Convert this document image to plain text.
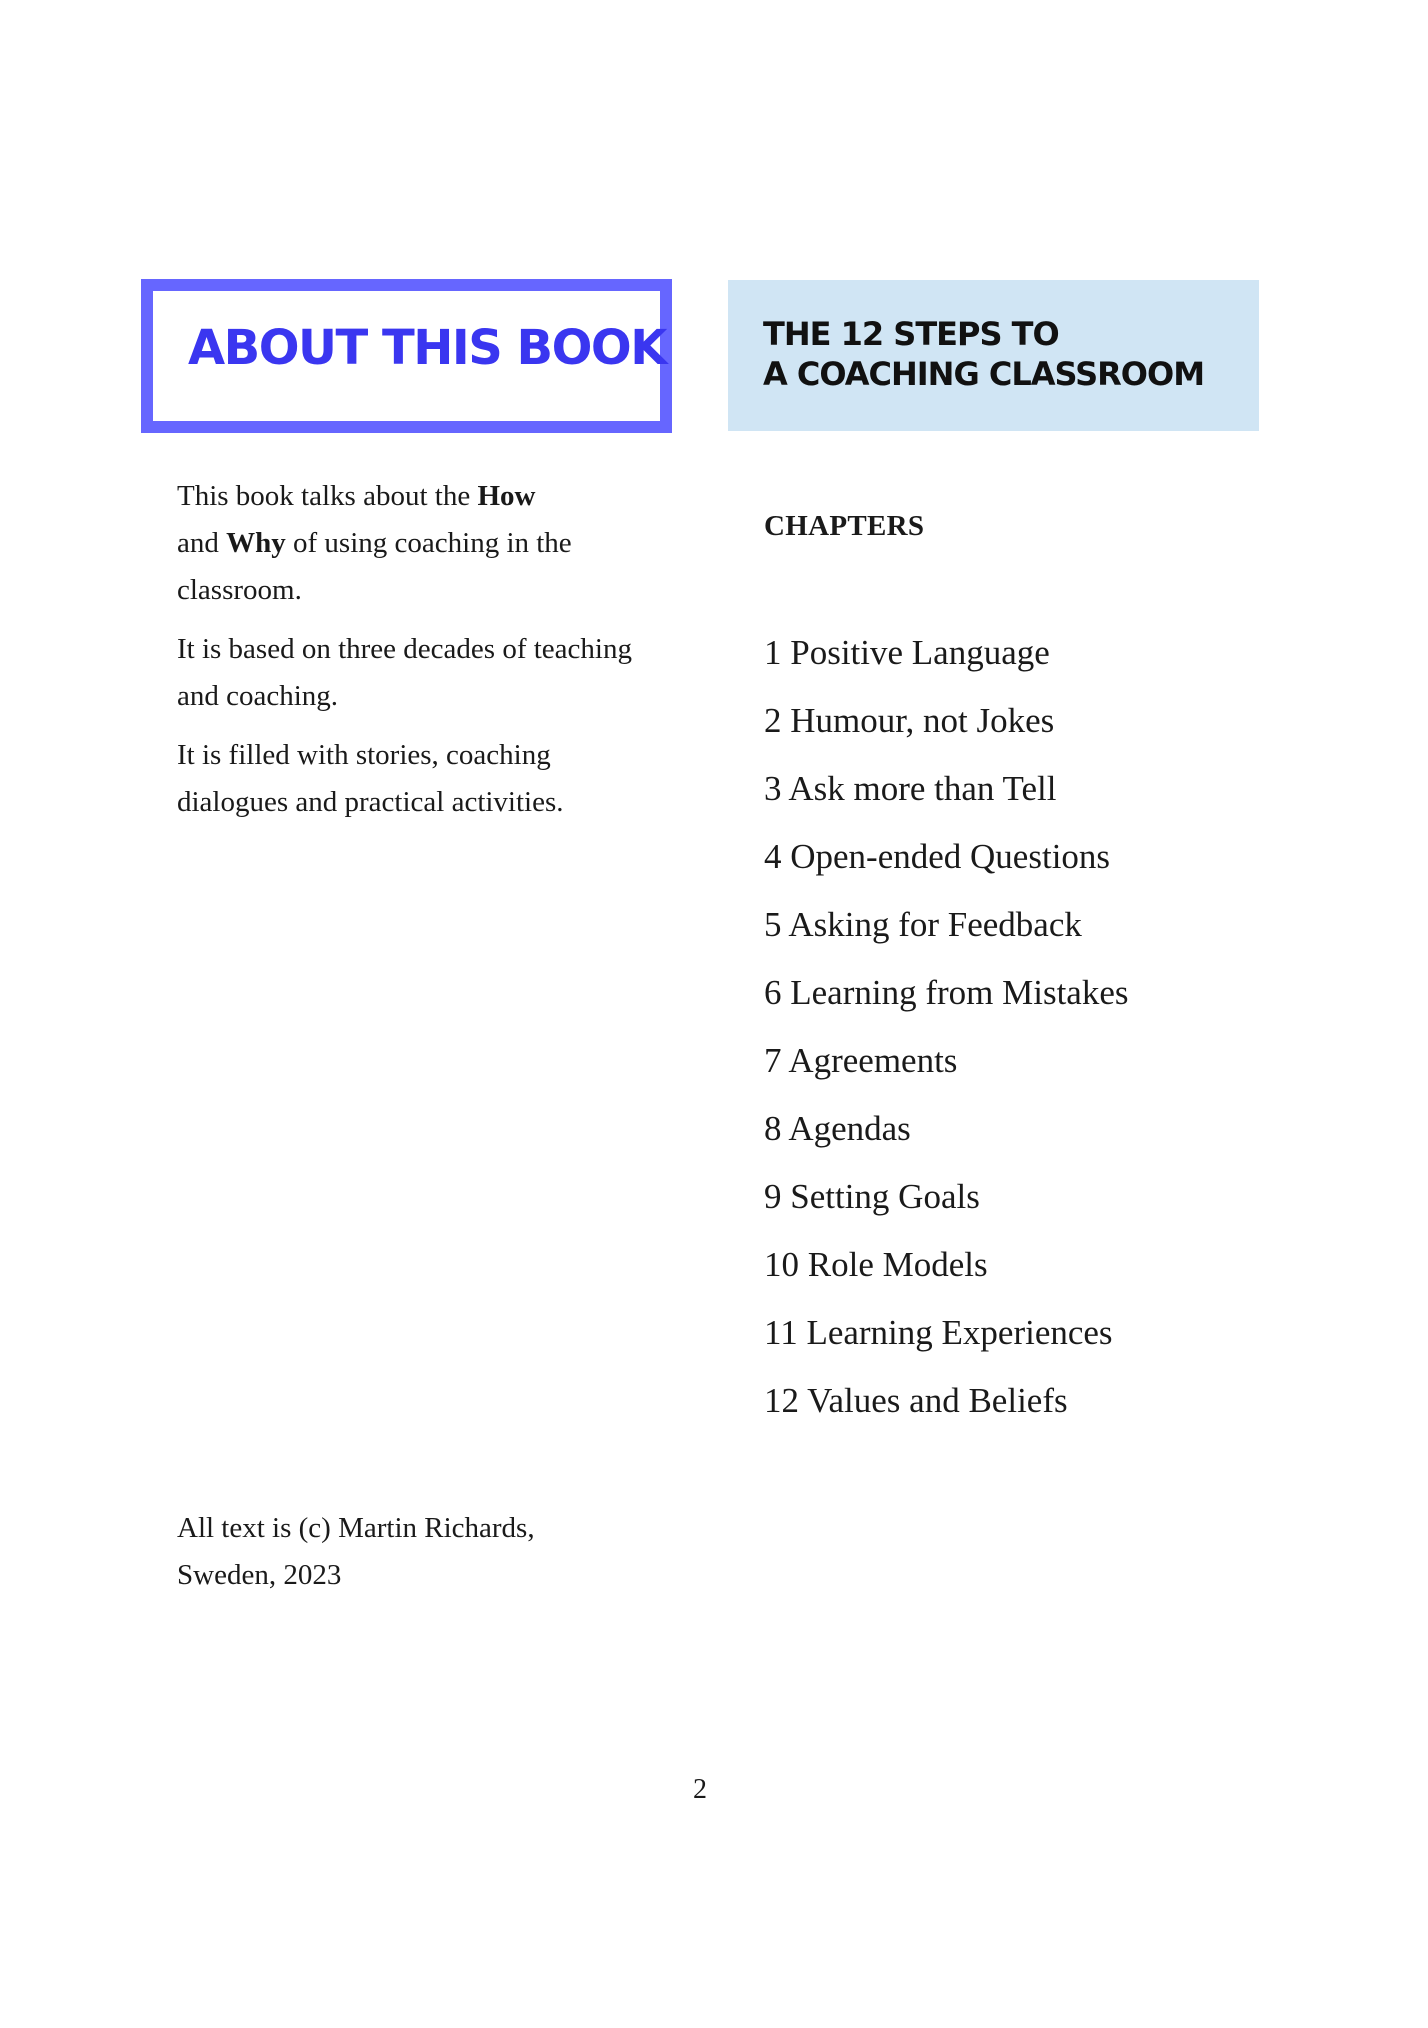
ABOUT THIS BOOK	THE 12 STEPS TO
A COACHING CLASSROOM

This book talks about the How
and Why of using coaching in the classroom.

It is based on three decades of teaching and coaching.

It is filled with stories, coaching dialogues and practical activities.

CHAPTERS
1 Positive Language
2 Humour, not Jokes
3 Ask more than Tell
4 Open-ended Questions
5 Asking for Feedback
6 Learning from Mistakes
7 Agreements
8 Agendas
9 Setting Goals
10 Role Models
11 Learning Experiences
12 Values and Beliefs
All text is (c) Martin Richards,
Sweden, 2023
2
